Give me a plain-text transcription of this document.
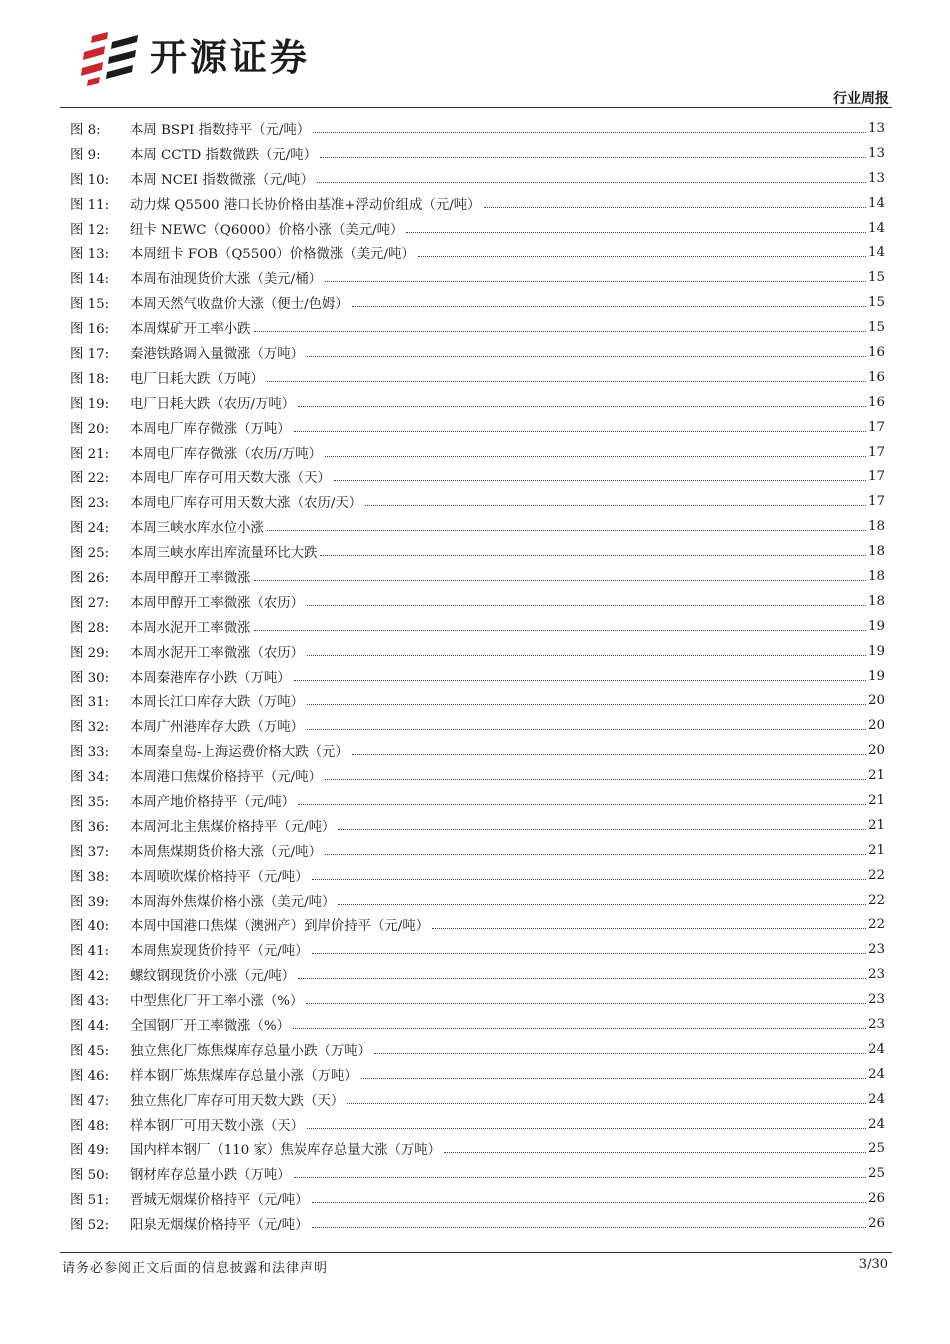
开源证券
行业周报
图 8:	本周 BSPI 指数持平（元/吨）	13
图 9:	本周 CCTD 指数微跌（元/吨）	13
图 10:	本周 NCEI 指数微涨（元/吨）	13
图 11:	动力煤 Q5500 港口长协价格由基准+浮动价组成（元/吨）	14
图 12:	纽卡 NEWC（Q6000）价格小涨（美元/吨）	14
图 13:	本周纽卡 FOB（Q5500）价格微涨（美元/吨）	14
图 14:	本周布油现货价大涨（美元/桶）	15
图 15:	本周天然气收盘价大涨（便士/色姆）	15
图 16:	本周煤矿开工率小跌	15
图 17:	秦港铁路调入量微涨（万吨）	16
图 18:	电厂日耗大跌（万吨）	16
图 19:	电厂日耗大跌（农历/万吨）	16
图 20:	本周电厂库存微涨（万吨）	17
图 21:	本周电厂库存微涨（农历/万吨）	17
图 22:	本周电厂库存可用天数大涨（天）	17
图 23:	本周电厂库存可用天数大涨（农历/天）	17
图 24:	本周三峡水库水位小涨	18
图 25:	本周三峡水库出库流量环比大跌	18
图 26:	本周甲醇开工率微涨	18
图 27:	本周甲醇开工率微涨（农历）	18
图 28:	本周水泥开工率微涨	19
图 29:	本周水泥开工率微涨（农历）	19
图 30:	本周秦港库存小跌（万吨）	19
图 31:	本周长江口库存大跌（万吨）	20
图 32:	本周广州港库存大跌（万吨）	20
图 33:	本周秦皇岛-上海运费价格大跌（元）	20
图 34:	本周港口焦煤价格持平（元/吨）	21
图 35:	本周产地价格持平（元/吨）	21
图 36:	本周河北主焦煤价格持平（元/吨）	21
图 37:	本周焦煤期货价格大涨（元/吨）	21
图 38:	本周喷吹煤价格持平（元/吨）	22
图 39:	本周海外焦煤价格小涨（美元/吨）	22
图 40:	本周中国港口焦煤（澳洲产）到岸价持平（元/吨）	22
图 41:	本周焦炭现货价持平（元/吨）	23
图 42:	螺纹钢现货价小涨（元/吨）	23
图 43:	中型焦化厂开工率小涨（%）	23
图 44:	全国钢厂开工率微涨（%）	23
图 45:	独立焦化厂炼焦煤库存总量小跌（万吨）	24
图 46:	样本钢厂炼焦煤库存总量小涨（万吨）	24
图 47:	独立焦化厂库存可用天数大跌（天）	24
图 48:	样本钢厂可用天数小涨（天）	24
图 49:	国内样本钢厂（110 家）焦炭库存总量大涨（万吨）	25
图 50:	钢材库存总量小跌（万吨）	25
图 51:	晋城无烟煤价格持平（元/吨）	26
图 52:	阳泉无烟煤价格持平（元/吨）	26
请务必参阅正文后面的信息披露和法律声明	3/30
